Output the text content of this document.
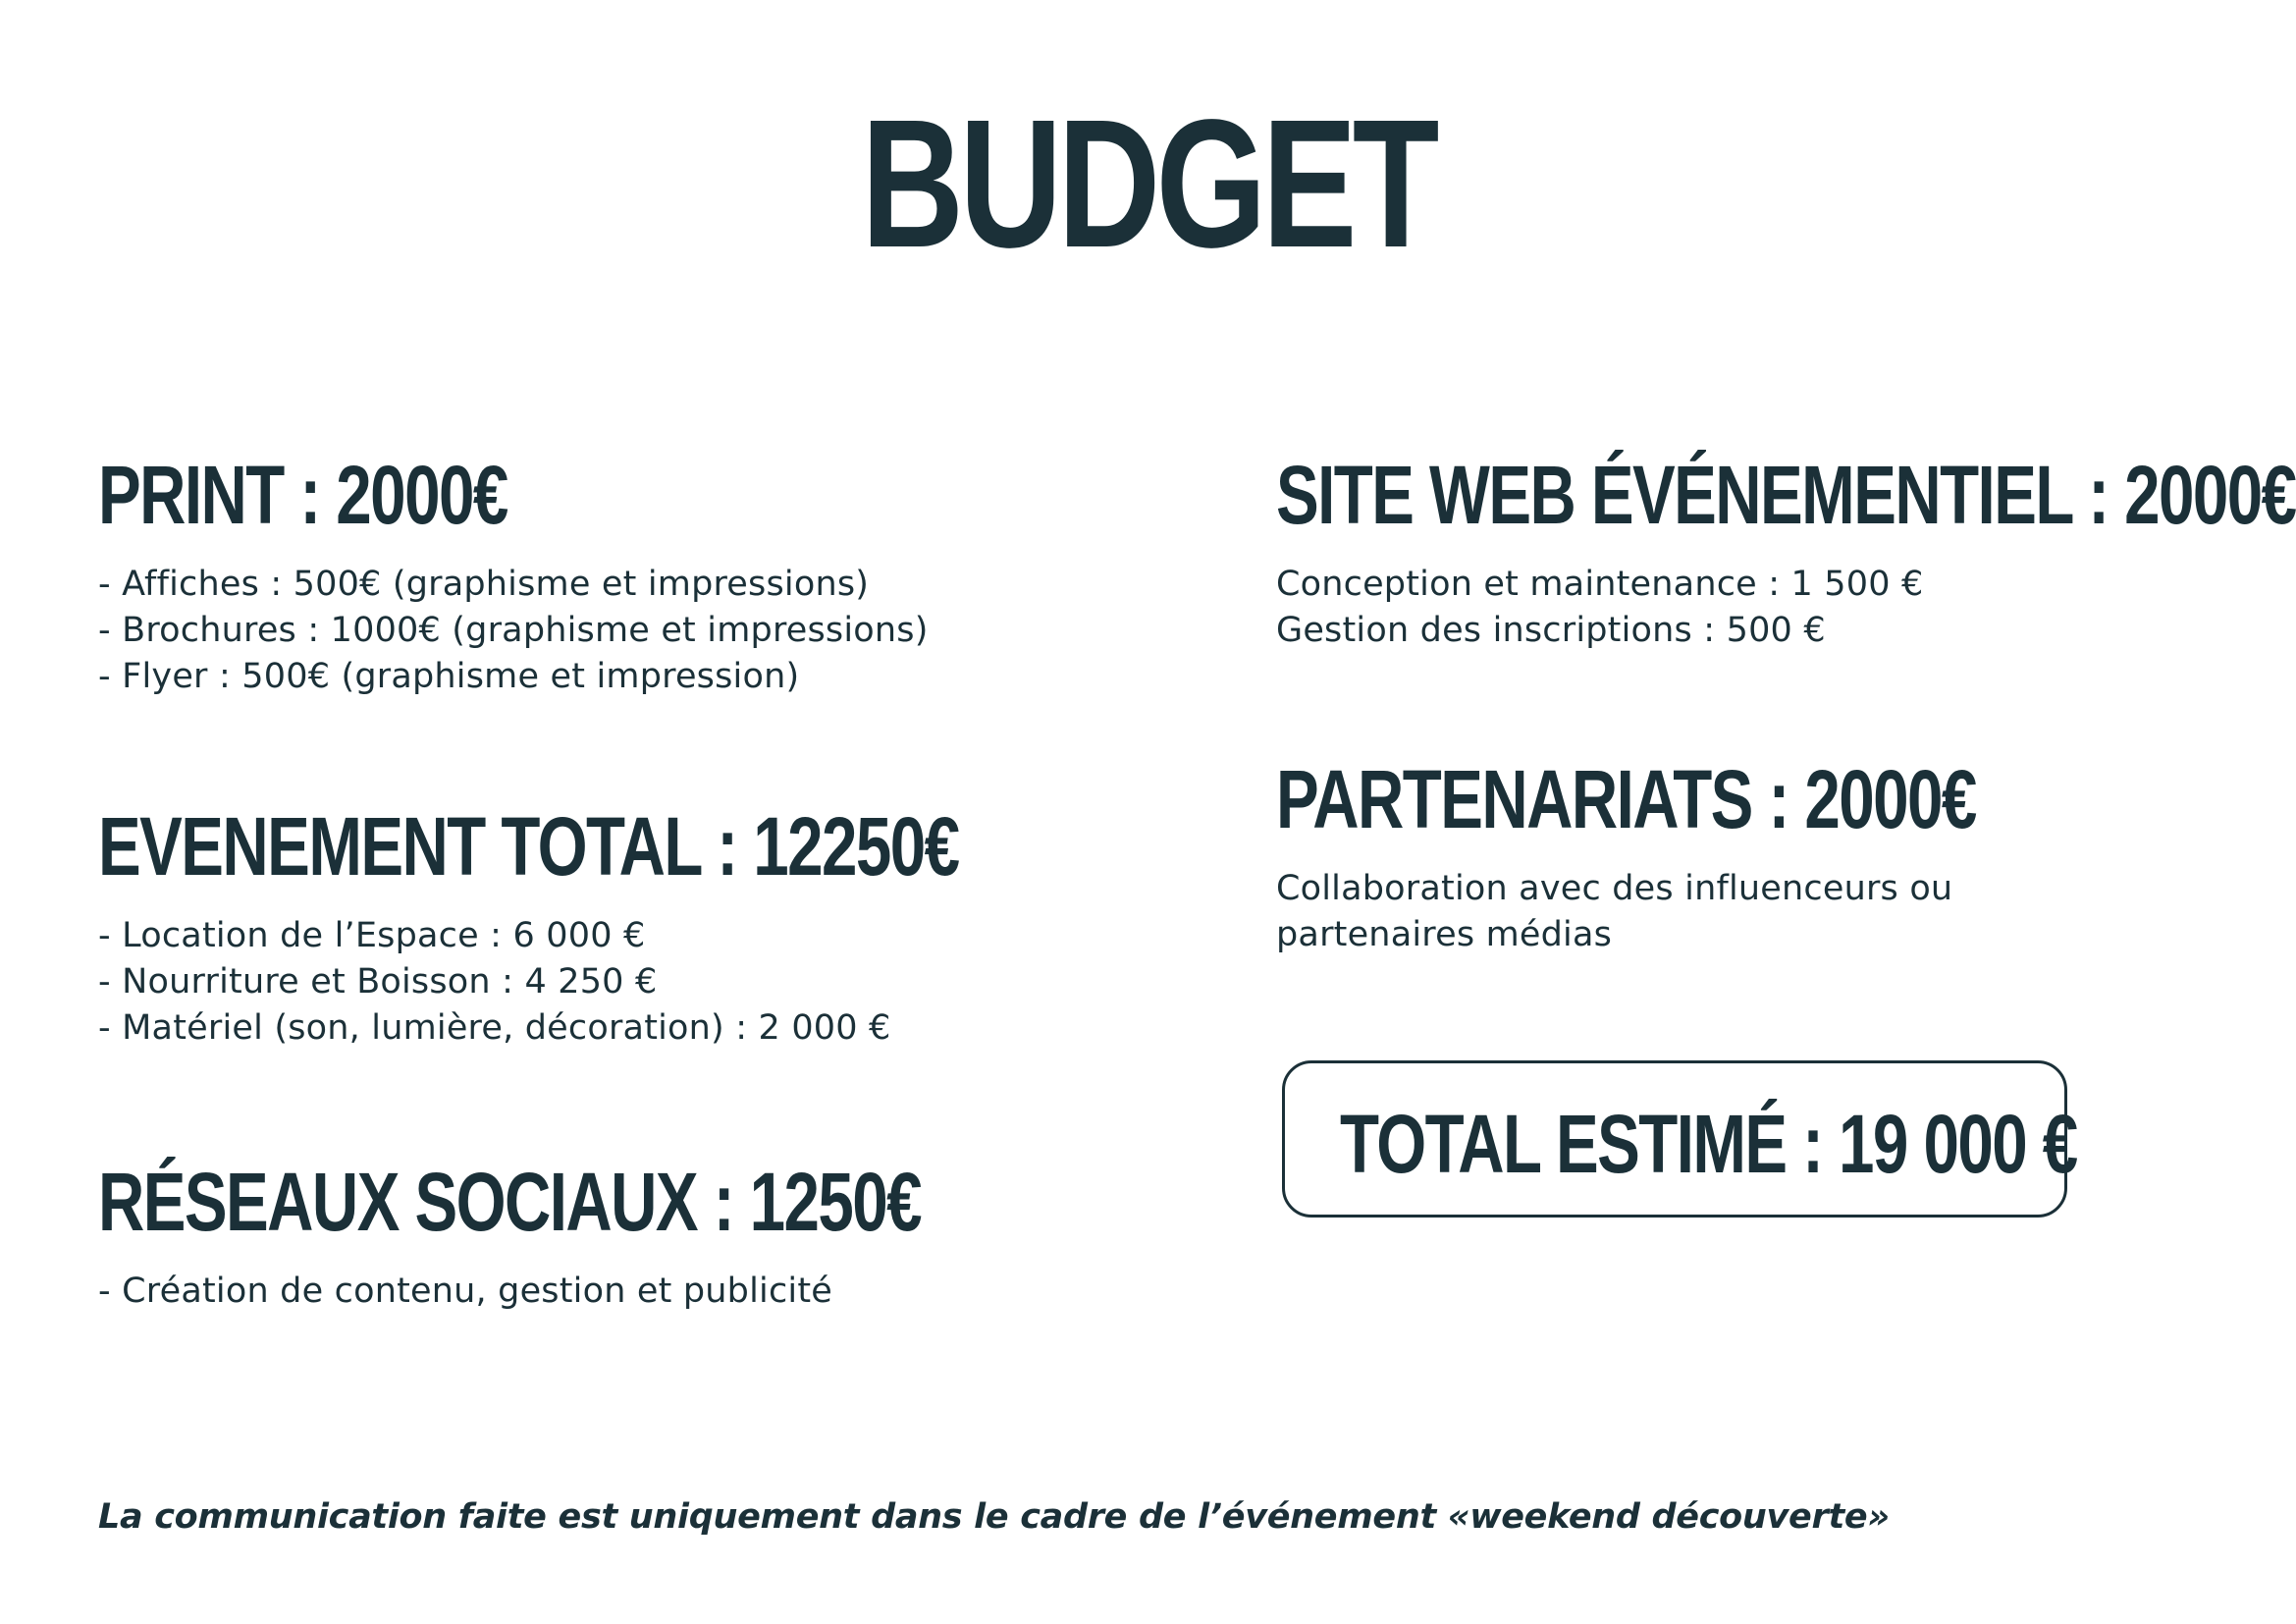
BUDGET
PRINT : 2000€
- Affiches : 500€ (graphisme et impressions)
- Brochures : 1000€ (graphisme et impressions)
- Flyer : 500€ (graphisme et impression)
EVENEMENT TOTAL : 12250€
- Location de l’Espace : 6 000 €
- Nourriture et Boisson : 4 250 €
- Matériel (son, lumière, décoration) : 2 000 €
RÉSEAUX SOCIAUX : 1250€
- Création de contenu, gestion et publicité
SITE WEB ÉVÉNEMENTIEL : 2000€
Conception et maintenance : 1 500 €
Gestion des inscriptions : 500 €
PARTENARIATS : 2000€
Collaboration avec des influenceurs ou
partenaires médias
TOTAL ESTIMÉ : 19 000 €
La communication faite est uniquement dans le cadre de l’événement «weekend découverte»
